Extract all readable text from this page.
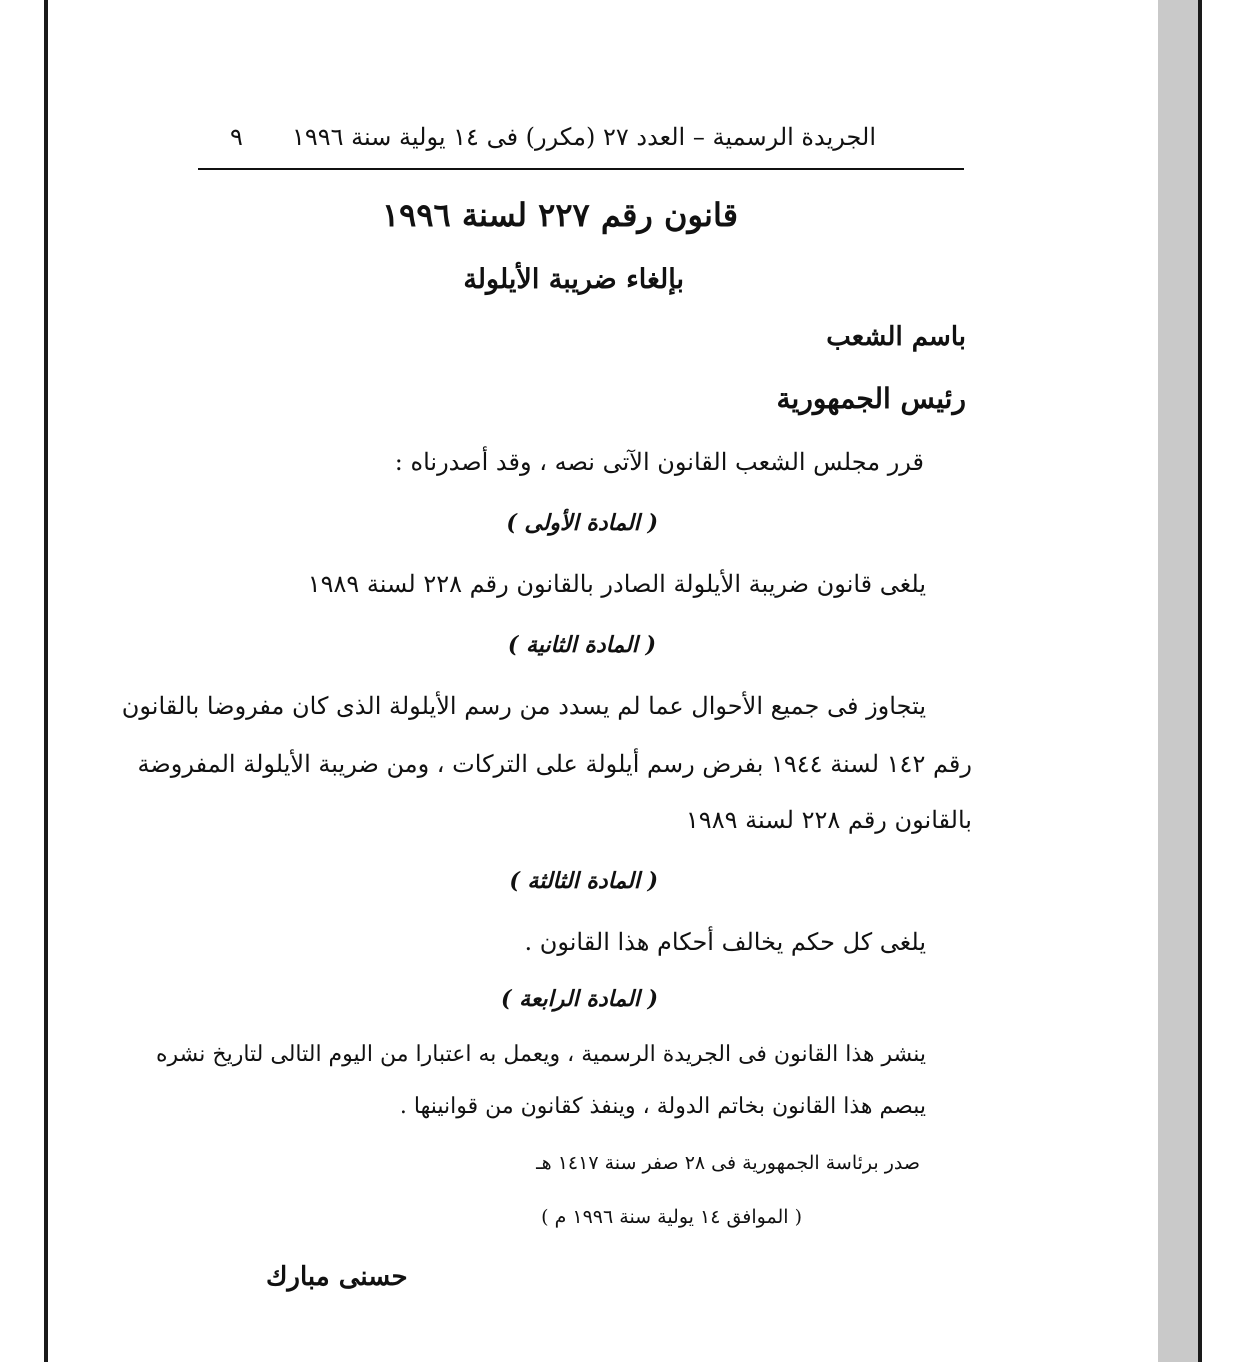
الجريدة الرسمية – العدد ٢٧ (مكرر) فى ١٤ يولية سنة ١٩٩٦
٩
قانون رقم ٢٢٧ لسنة ١٩٩٦
بإلغاء ضريبة الأيلولة
باسم الشعب
رئيس الجمهورية
قرر مجلس الشعب القانون الآتى نصه ، وقد أصدرناه :
( المادة الأولى )
يلغى قانون ضريبة الأيلولة الصادر بالقانون رقم ٢٢٨ لسنة ١٩٨٩
( المادة الثانية )
يتجاوز فى جميع الأحوال عما لم يسدد من رسم الأيلولة الذى كان مفروضا بالقانون
رقم ١٤٢ لسنة ١٩٤٤ بفرض رسم أيلولة على التركات ، ومن ضريبة الأيلولة المفروضة
بالقانون رقم ٢٢٨ لسنة ١٩٨٩
( المادة الثالثة )
يلغى كل حكم يخالف أحكام هذا القانون .
( المادة الرابعة )
ينشر هذا القانون فى الجريدة الرسمية ، ويعمل به اعتبارا من اليوم التالى لتاريخ نشره
يبصم هذا القانون بخاتم الدولة ، وينفذ كقانون من قوانينها .
صدر برئاسة الجمهورية فى ٢٨ صفر سنة ١٤١٧ هـ
( الموافق ١٤ يولية سنة ١٩٩٦ م )
حسنى مبارك
